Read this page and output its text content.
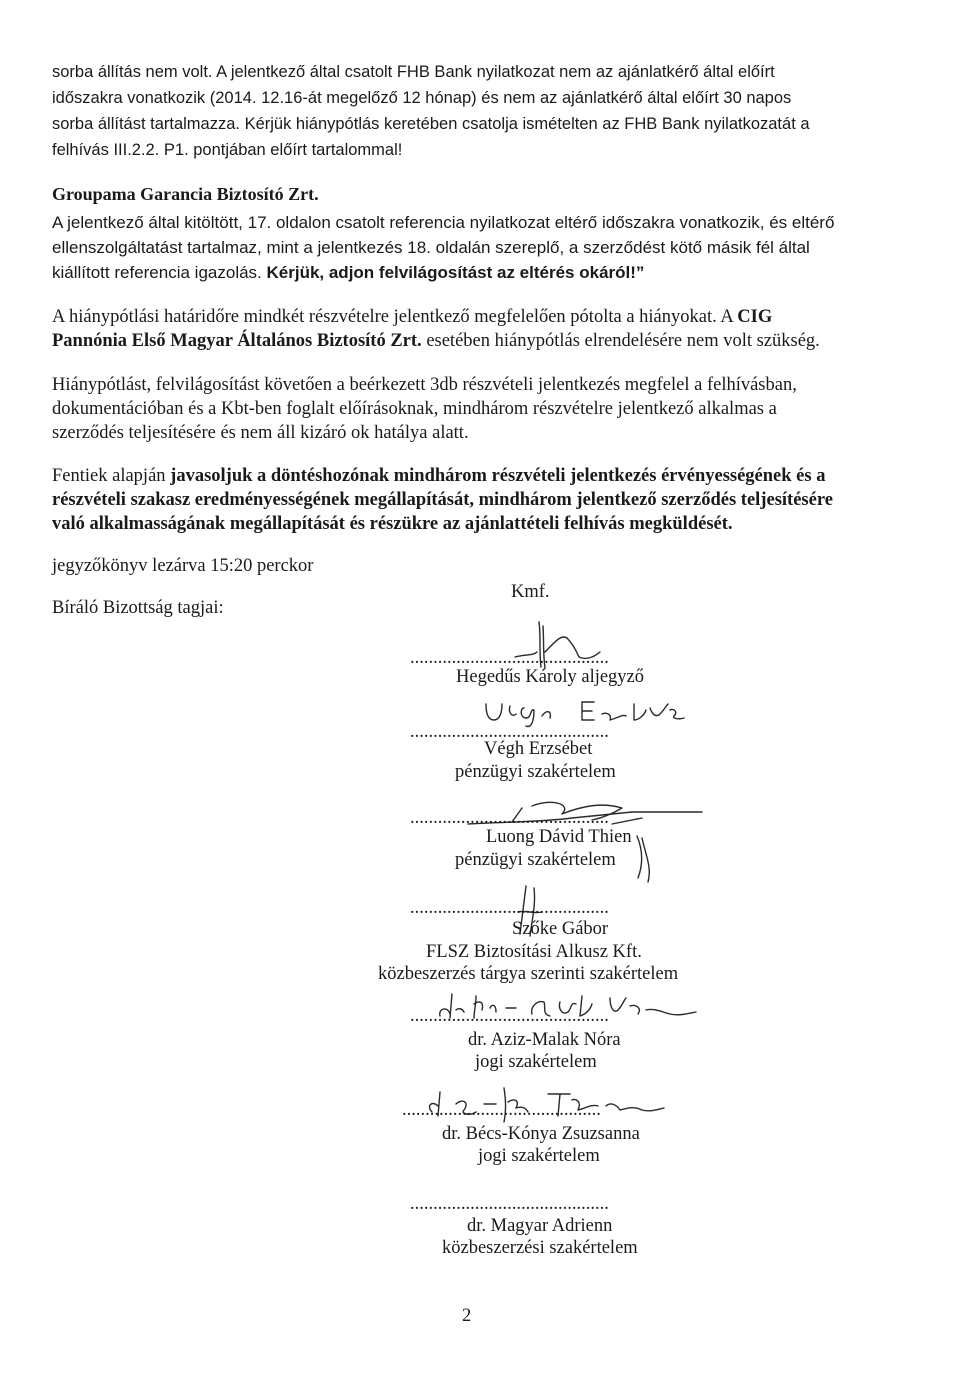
sorba állítás nem volt. A jelentkező által csatolt FHB Bank nyilatkozat nem az ajánlatkérő által előírt
időszakra vonatkozik (2014. 12.16-át megelőző 12 hónap) és nem az ajánlatkérő által előírt 30 napos
sorba állítást tartalmazza. Kérjük hiánypótlás keretében csatolja ismételten az FHB Bank nyilatkozatát a
felhívás III.2.2. P1. pontjában előírt tartalommal!
Groupama Garancia Biztosító Zrt.
A jelentkező által kitöltött, 17. oldalon csatolt referencia nyilatkozat eltérő időszakra vonatkozik, és eltérő
ellenszolgáltatást tartalmaz, mint a jelentkezés 18. oldalán szereplő, a szerződést kötő másik fél által
kiállított referencia igazolás. Kérjük, adjon felvilágosítást az eltérés okáról!”
A hiánypótlási határidőre mindkét részvételre jelentkező megfelelően pótolta a hiányokat. A CIG
Pannónia Első Magyar Általános Biztosító Zrt. esetében hiánypótlás elrendelésére nem volt szükség.
Hiánypótlást, felvilágosítást követően a beérkezett 3db részvételi jelentkezés megfelel a felhívásban,
dokumentációban és a Kbt-ben foglalt előírásoknak, mindhárom részvételre jelentkező alkalmas a
szerződés teljesítésére és nem áll kizáró ok hatálya alatt.
Fentiek alapján javasoljuk a döntéshozónak mindhárom részvételi jelentkezés érvényességének és a
részvételi szakasz eredményességének megállapítását, mindhárom jelentkező szerződés teljesítésére
való alkalmasságának megállapítását és részükre az ajánlattételi felhívás megküldését.
jegyzőkönyv lezárva 15:20 perckor
Bíráló Bizottság tagjai:
Kmf.
...........................................
Hegedűs Károly aljegyző
...........................................
Végh Erzsébet
pénzügyi szakértelem
...........................................
Luong Dávid Thien
pénzügyi szakértelem
...........................................
Szőke Gábor
FLSZ Biztosítási Alkusz Kft.
közbeszerzés tárgya szerinti szakértelem
...........................................
dr. Aziz-Malak Nóra
jogi szakértelem
...........................................
dr. Bécs-Kónya Zsuzsanna
jogi szakértelem
...........................................
dr. Magyar Adrienn
közbeszerzési szakértelem
2
